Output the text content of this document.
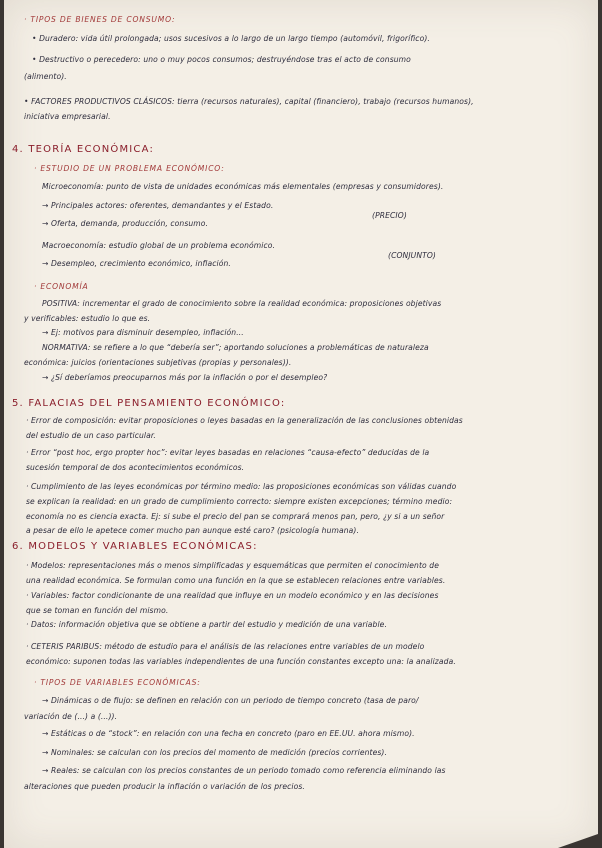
· TIPOS DE BIENES DE CONSUMO:

• Duradero: vida útil prolongada; usos sucesivos a lo largo de un largo tiempo (automóvil, frigorífico).

• Destructivo o perecedero: uno o muy pocos consumos; destruyéndose tras el acto de consumo

(alimento).

• FACTORES PRODUCTIVOS CLÁSICOS: tierra (recursos naturales), capital (financiero), trabajo (recursos humanos),

iniciativa empresarial.

4. TEORÍA ECONÓMICA:

· ESTUDIO DE UN PROBLEMA ECONÓMICO:

Microeconomía: punto de vista de unidades económicas más elementales (empresas y consumidores).

→ Principales actores: oferentes, demandantes y el Estado.

(PRECIO)

→ Oferta, demanda, producción, consumo.

Macroeconomía: estudio global de un problema económico.

(CONJUNTO)

→ Desempleo, crecimiento económico, inflación.

· ECONOMÍA

POSITIVA: incrementar el grado de conocimiento sobre la realidad económica: proposiciones objetivas

y verificables: estudio lo que es.

→ Ej: motivos para disminuir desempleo, inflación...

NORMATIVA: se refiere a lo que “debería ser”; aportando soluciones a problemáticas de naturaleza

económica: juicios (orientaciones subjetivas (propias y personales)).

→ ¿Sí deberíamos preocuparnos más por la inflación o por el desempleo?

5. FALACIAS DEL PENSAMIENTO ECONÓMICO:

· Error de composición: evitar proposiciones o leyes basadas en la generalización de las conclusiones obtenidas

del estudio de un caso particular.

· Error “post hoc, ergo propter hoc”: evitar leyes basadas en relaciones “causa-efecto” deducidas de la

sucesión temporal de dos acontecimientos económicos.

· Cumplimiento de las leyes económicas por término medio: las proposiciones económicas son válidas cuando

se explican la realidad: en un grado de cumplimiento correcto: siempre existen excepciones; término medio:

economía no es ciencia exacta. Ej: si sube el precio del pan se comprará menos pan, pero, ¿y si a un señor

a pesar de ello le apetece comer mucho pan aunque esté caro? (psicología humana).

6. MODELOS Y VARIABLES ECONÓMICAS:

· Modelos: representaciones más o menos simplificadas y esquemáticas que permiten el conocimiento de

una realidad económica. Se formulan como una función en la que se establecen relaciones entre variables.

· Variables: factor condicionante de una realidad que influye en un modelo económico y en las decisiones

que se toman en función del mismo.

· Datos: información objetiva que se obtiene a partir del estudio y medición de una variable.

· CETERIS PARIBUS: método de estudio para el análisis de las relaciones entre variables de un modelo

económico: suponen todas las variables independientes de una función constantes excepto una: la analizada.

· TIPOS DE VARIABLES ECONÓMICAS:

→ Dinámicas o de flujo: se definen en relación con un periodo de tiempo concreto (tasa de paro/

variación de (...) a (...)).

→ Estáticas o de “stock”: en relación con una fecha en concreto (paro en EE.UU. ahora mismo).

→ Nominales: se calculan con los precios del momento de medición (precios corrientes).

→ Reales: se calculan con los precios constantes de un periodo tomado como referencia eliminando las

alteraciones que pueden producir la inflación o variación de los precios.
